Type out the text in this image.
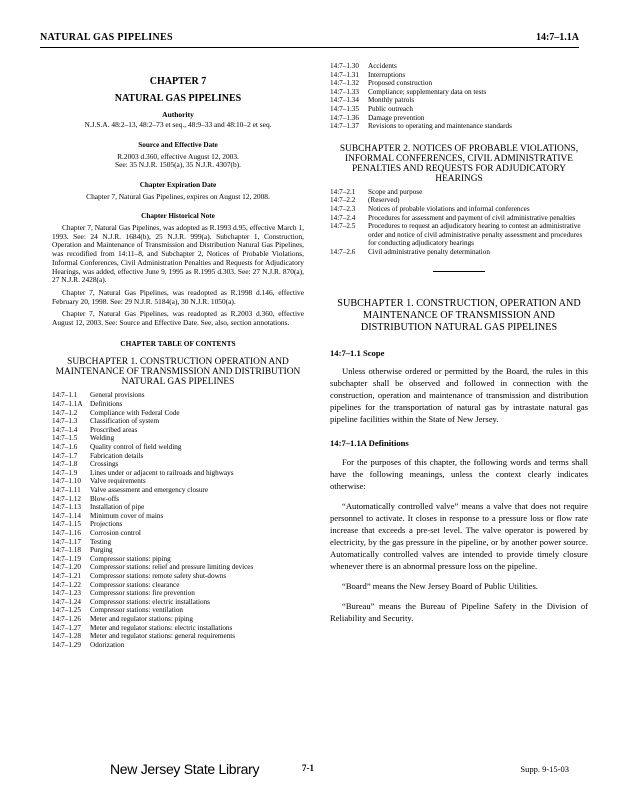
NATURAL GAS PIPELINES	14:7–1.1A
CHAPTER 7
NATURAL GAS PIPELINES
Authority
N.J.S.A. 48:2–13, 48:2–73 et seq., 48:9–33 and 48:10–2 et seq.
Source and Effective Date
R.2003 d.360, effective August 12, 2003.
See: 35 N.J.R. 1505(a), 35 N.J.R. 4307(b).
Chapter Expiration Date
Chapter 7, Natural Gas Pipelines, expires on August 12, 2008.
Chapter Historical Note

Chapter 7, Natural Gas Pipelines, was adopted as R.1993 d.95, effective March 1, 1993. See: 24 N.J.R. 1684(b), 25 N.J.R. 999(a). Subchapter 1, Construction, Operation and Maintenance of Transmission and Distribution Natural Gas Pipelines, was recodified from 14:11–8, and Subchapter 2, Notices of Probable Violations, Informal Conferences, Civil Administration Penalties and Requests for Adjudicatory Hearings, was added, effective June 9, 1995 as R.1995 d.303. See: 27 N.J.R. 870(a), 27 N.J.R. 2428(a).

Chapter 7, Natural Gas Pipelines, was readopted as R.1998 d.146, effective February 20, 1998. See: 29 N.J.R. 5184(a), 30 N.J.R. 1050(a).

Chapter 7, Natural Gas Pipelines, was readopted as R.2003 d.360, effective August 12, 2003. See: Source and Effective Date. See, also, section annotations.

CHAPTER TABLE OF CONTENTS
SUBCHAPTER 1. CONSTRUCTION OPERATION AND MAINTENANCE OF TRANSMISSION AND DISTRIBUTION NATURAL GAS PIPELINES
14:7–1.1	General provisions
14:7–1.1A	Definitions
14:7–1.2	Compliance with Federal Code
14:7–1.3	Classification of system
14:7–1.4	Proscribed areas
14:7–1.5	Welding
14:7–1.6	Quality control of field welding
14:7–1.7	Fabrication details
14:7–1.8	Crossings
14:7–1.9	Lines under or adjacent to railroads and highways
14:7–1.10	Valve requirements
14:7–1.11	Valve assessment and emergency closure
14:7–1.12	Blow-offs
14:7–1.13	Installation of pipe
14:7–1.14	Minimum cover of mains
14:7–1.15	Projections
14:7–1.16	Corrosion control
14:7–1.17	Testing
14:7–1.18	Purging
14:7–1.19	Compressor stations: piping
14:7–1.20	Compressor stations: relief and pressure limiting devices
14:7–1.21	Compressor stations: remote safety shut-downs
14:7–1.22	Compressor stations: clearance
14:7–1.23	Compressor stations: fire prevention
14:7–1.24	Compressor stations: electric installations
14:7–1.25	Compressor stations: ventilation
14:7–1.26	Meter and regulator stations: piping
14:7–1.27	Meter and regulator stations: electric installations
14:7–1.28	Meter and regulator stations: general requirements
14:7–1.29	Odorization
14:7–1.30	Accidents
14:7–1.31	Interruptions
14:7–1.32	Proposed construction
14:7–1.33	Compliance; supplementary data on tests
14:7–1.34	Monthly patrols
14:7–1.35	Public outreach
14:7–1.36	Damage prevention
14:7–1.37	Revisions to operating and maintenance standards
SUBCHAPTER 2. NOTICES OF PROBABLE VIOLATIONS, INFORMAL CONFERENCES, CIVIL ADMINISTRATIVE PENALTIES AND REQUESTS FOR ADJUDICATORY HEARINGS
14:7–2.1	Scope and purpose
14:7–2.2	(Reserved)
14:7–2.3	Notices of probable violations and informal conferences
14:7–2.4	Procedures for assessment and payment of civil administrative penalties
14:7–2.5	Procedures to request an adjudicatory hearing to contest an administrative order and notice of civil administrative penalty assessment and procedures for conducting adjudicatory hearings
14:7–2.6	Civil administrative penalty determination
SUBCHAPTER 1. CONSTRUCTION, OPERATION AND MAINTENANCE OF TRANSMISSION AND DISTRIBUTION NATURAL GAS PIPELINES
14:7–1.1 Scope

Unless otherwise ordered or permitted by the Board, the rules in this subchapter shall be observed and followed in connection with the construction, operation and maintenance of transmission and distribution pipelines for the transportation of natural gas by intrastate natural gas pipeline facilities within the State of New Jersey.

14:7–1.1A Definitions

For the purposes of this chapter, the following words and terms shall have the following meanings, unless the context clearly indicates otherwise:

“Automatically controlled valve” means a valve that does not require personnel to activate. It closes in response to a pressure loss or flow rate increase that exceeds a pre-set level. The valve operator is powered by electricity, by the gas pressure in the pipeline, or by another power source. Automatically controlled valves are intended to provide timely closure whenever there is an abnormal pressure loss on the pipeline.

“Board” means the New Jersey Board of Public Utilities.

“Bureau” means the Bureau of Pipeline Safety in the Division of Reliability and Security.

New Jersey State Library	7-1	Supp. 9-15-03
